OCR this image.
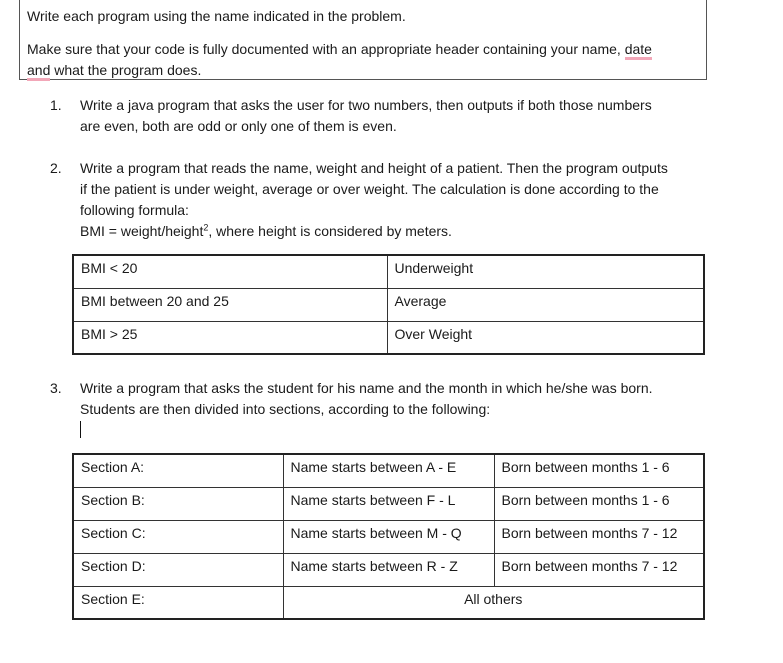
Write each program using the name indicated in the problem.

Make sure that your code is fully documented with an appropriate header containing your name, date

and what the program does.

1.	Write a java program that asks the user for two numbers, then outputs if both those numbers
are even, both are odd or only one of them is even.
2.	Write a program that reads the name, weight and height of a patient. Then the program outputs
if the patient is under weight, average or over weight. The calculation is done according to the
following formula:
BMI = weight/height$^2$, where height is considered by meters.
BMI < 20	Underweight
BMI between 20 and 25	Average
BMI > 25	Over Weight
3.	Write a program that asks the student for his name and the month in which he/she was born.
Students are then divided into sections, according to the following:
Section A:	Name starts between A - E	Born between months 1 - 6
Section B:	Name starts between F - L	Born between months 1 - 6
Section C:	Name starts between M - Q	Born between months 7 - 12
Section D:	Name starts between R - Z	Born between months 7 - 12
Section E:	All others	
